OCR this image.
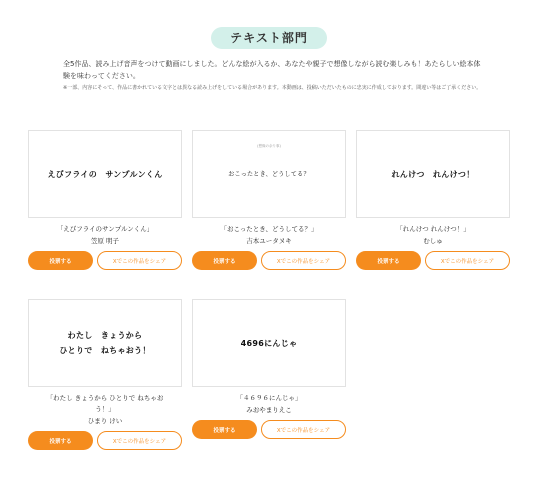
テキスト部門
全5作品、読み上げ音声をつけて動画にしました。どんな絵が入るか、あなたや親子で想像しながら読む楽しみも！あたらしい絵本体験を味わってください。
※一部、内容にそって、作品に書かれている文字とは異なる読み上げをしている場合があります。本動画は、投稿いただいたものに忠実に作成しております。間違い等はご了承ください。
えびフライの　サンプルンくん
「えびフライのサンプルンくん」
笠原 明子
投票する	Xでこの作品をシェア
(想像の余り事)
おこったとき、どうしてる？
「おこったとき、どうしてる？」
吉本ユータヌキ
投票する	Xでこの作品をシェア
れんけつ　れんけつ！
「れんけつ れんけつ！」
むしゅ
投票する	Xでこの作品をシェア
わたし　きょうから
ひとりで　ねちゃおう！
「わたし きょうから ひとりで ねちゃおう！」
ひまり けい
投票する	Xでこの作品をシェア
4696にんじゃ
「４６９６にんじゃ」
みおやまりえこ
投票する	Xでこの作品をシェア
